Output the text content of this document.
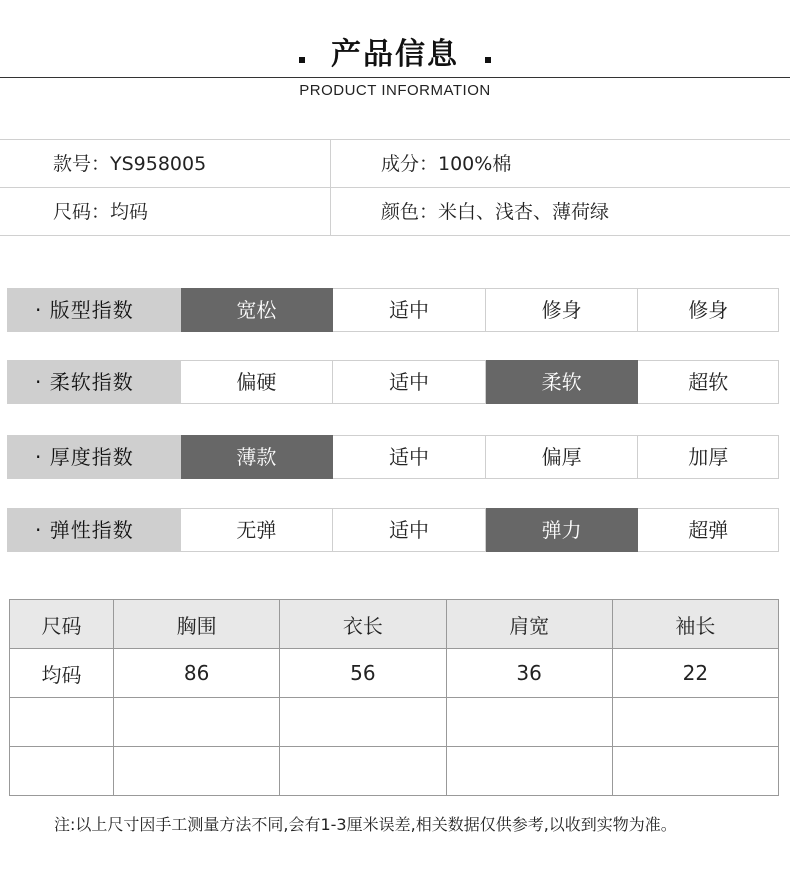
产品信息
PRODUCT INFORMATION
款号：YS958005	成分：100%棉
尺码：均码	颜色：米白、浅杏、薄荷绿
· 版型指数	宽松	适中	修身	修身
· 柔软指数	偏硬	适中	柔软	超软
· 厚度指数	薄款	适中	偏厚	加厚
· 弹性指数	无弹	适中	弹力	超弹
尺码	胸围	衣长	肩宽	袖长
均码	86	56	36	22

注:以上尺寸因手工测量方法不同,会有1-3厘米误差,相关数据仅供参考,以收到实物为准。
